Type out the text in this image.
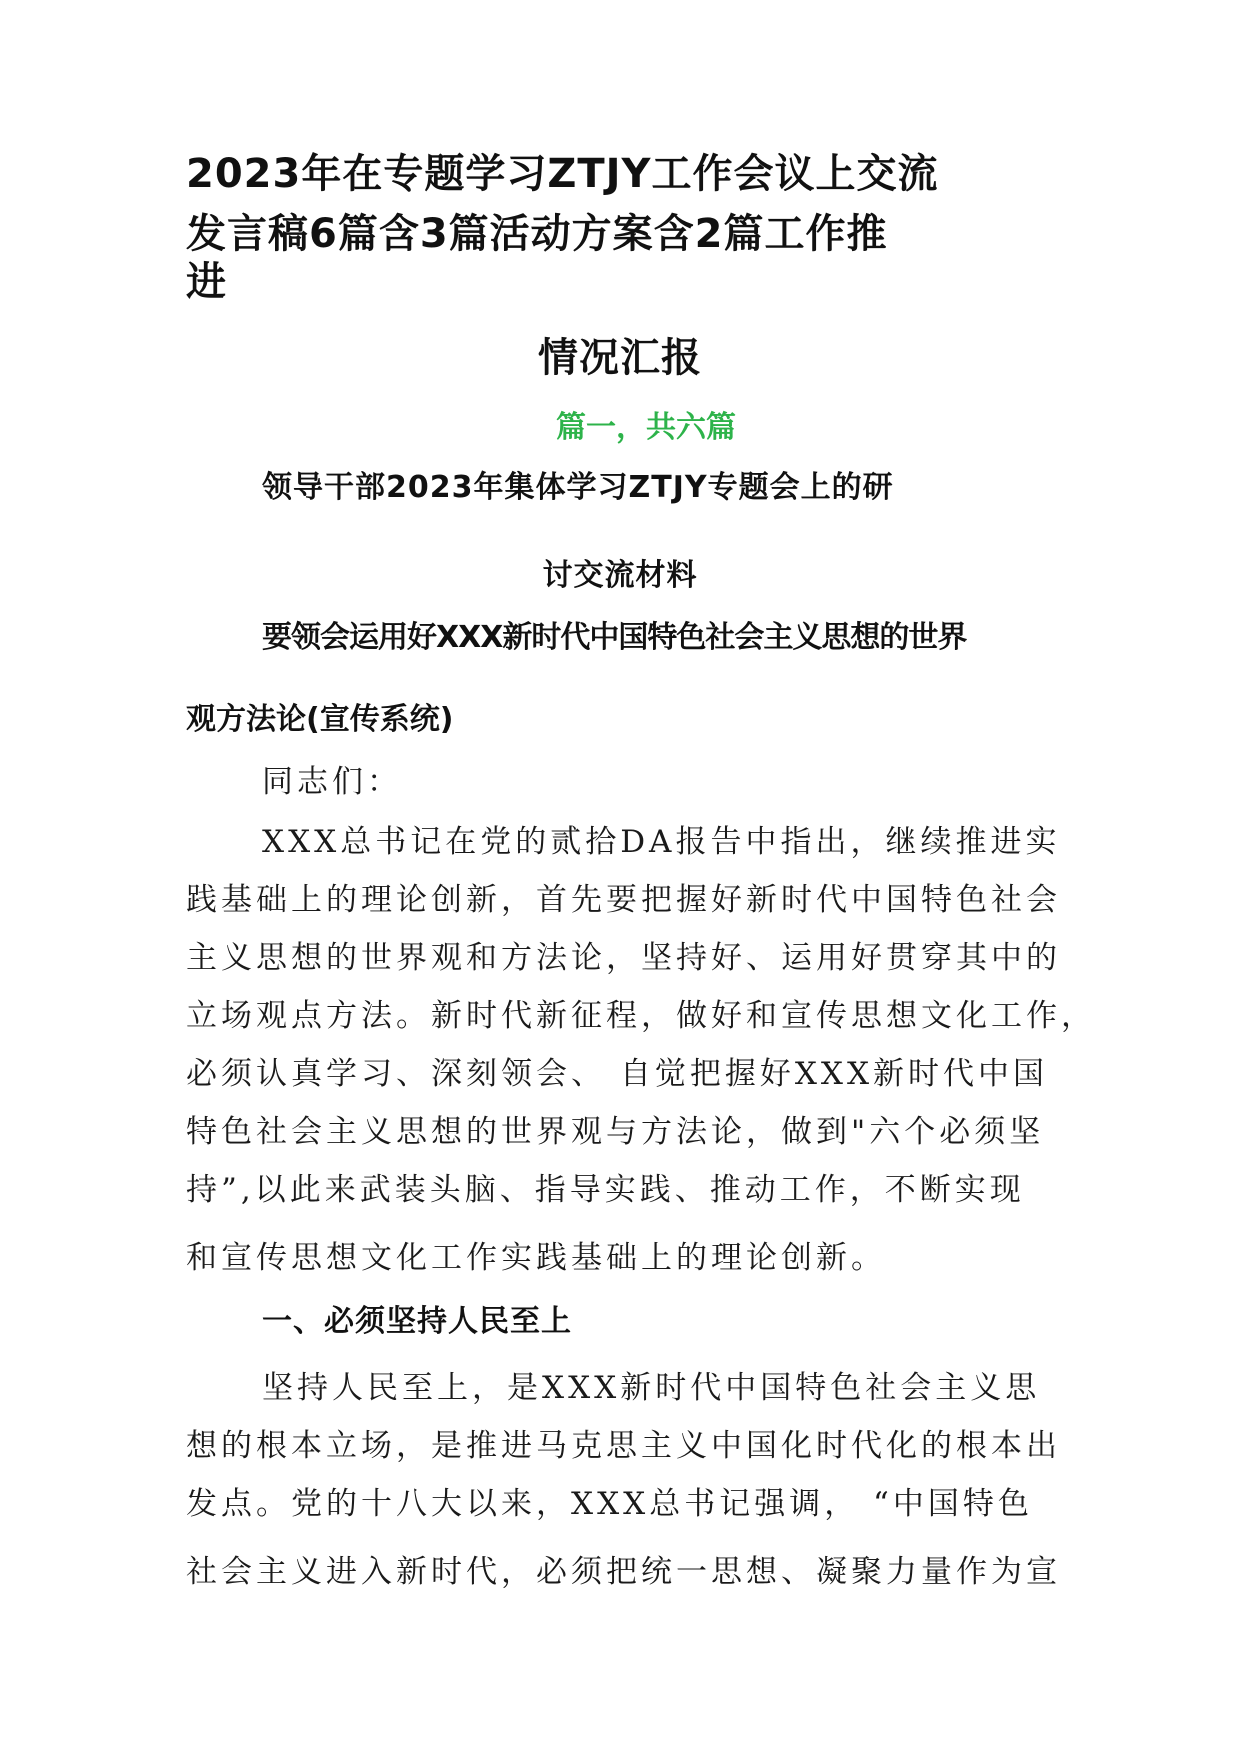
2023年在专题学习ZTJY工作会议上交流
发言稿6篇含3篇活动方案含2篇工作推
进
情况汇报
篇一，共六篇
领导干部2023年集体学习ZTJY专题会上的研
讨交流材料
要领会运用好XXX新时代中国特色社会主义思想的世界
观方法论(宣传系统)
同志们：
XXX总书记在党的贰拾DA报告中指出，继续推进实
践基础上的理论创新，首先要把握好新时代中国特色社会
主义思想的世界观和方法论，坚持好、运用好贯穿其中的
立场观点方法。新时代新征程，做好和宣传思想文化工作，
必须认真学习、深刻领会、 自觉把握好XXX新时代中国
特色社会主义思想的世界观与方法论，做到"六个必须坚
持”,以此来武装头脑、指导实践、推动工作，不断实现
和宣传思想文化工作实践基础上的理论创新。
一、必须坚持人民至上
坚持人民至上，是XXX新时代中国特色社会主义思
想的根本立场，是推进马克思主义中国化时代化的根本出
发点。党的十八大以来，XXX总书记强调， “中国特色
社会主义进入新时代，必须把统一思想、凝聚力量作为宣
